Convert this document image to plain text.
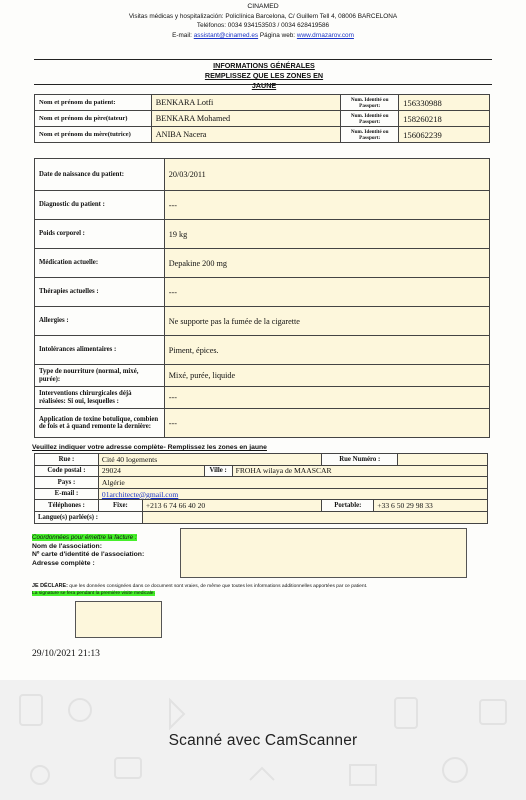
CINAMED
Visitas médicas y hospitalización: Policlínica Barcelona, C/ Guillem Tell 4, 08006 BARCELONA
Teléfonos: 0034 934153503 / 0034 628419586
E-mail: assistant@cinamed.es Página web: www.drnazarov.com
INFORMATIONS GÉNÉRALES
REMPLISSEZ QUE LES ZONES EN JAUNE
Nom et prénom du patient:	BENKARA Lotfi	Num. Identité ou Passport:	156330988
Nom et prénom du père(tateur)	BENKARA Mohamed	Num. Identité ou Passport:	158260218
Nom et prénom du mère(tutrice)	ANIBA Nacera	Num. Identité ou Passport:	156062239
Date de naissance du patient:	20/03/2011
Diagnostic du patient :	---
Poids corporel :	19 kg
Médication actuelle:	Depakine 200 mg
Thérapies actuelles :	---
Allergies :	Ne supporte pas la fumée de la cigarette
Intolérances alimentaires :	Piment, épices.
Type de nourriture (normal, mixé, purée):	Mixé, purée, liquide
Interventions chirurgicales déjà réalisées: Si oui, lesquelles :	---
Application de toxine botulique, combien de fois et à quand remonte la dernière:	---
Veuillez indiquer votre adresse complète- Remplissez les zones en jaune
Rue :	Cité 40 logements				Rue Numéro :		
Code postal :	29024		Ville :	FROHA wilaya de MAASCAR			
Pays :	Algérie						
E-mail :	01architecte@gmail.com						
Téléphones :	Fixe:	+213 6 74 66 40 20			Portable:	+33 6 50 29 98 33	
Langue(s) parlée(s) :							
Coordonnées pour émettre la facture :
Nom de l'association:
Nº carte d'identité de l'association:
Adresse complète :
JE DÉCLARE: que les données consignées dans ce document sont vraies, de même que toutes les informations additionnelles apportées par ce patient.
La signature se fera pendant la première visite medicale.
29/10/2021 21:13
Scanné avec CamScanner
